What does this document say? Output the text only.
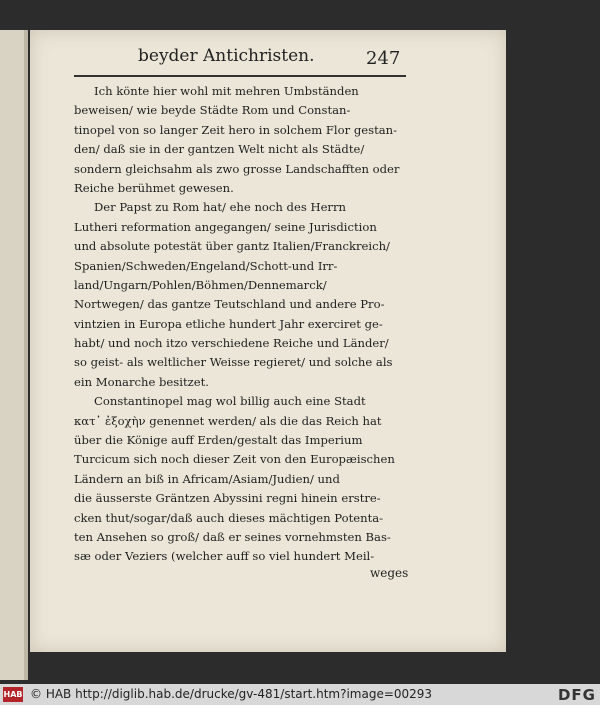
beyder Antichristen.	247
Ich könte hier wohl mit mehren Umbständen
beweisen/ wie beyde Städte Rom und Constan-
tinopel von so langer Zeit hero in solchem Flor gestan-
den/ daß sie in der gantzen Welt nicht als Städte/
sondern gleichsahm als zwo grosse Landschafften oder
Reiche berühmet gewesen.
Der Papst zu Rom hat/ ehe noch des Herrn
Lutheri reformation angegangen/ seine Jurisdiction
und absolute potestät über gantz Italien/Franckreich/
Spanien/Schweden/Engeland/Schott-und Irr-
land/Ungarn/Pohlen/Böhmen/Dennemarck/
Nortwegen/ das gantze Teutschland und andere Pro-
vintzien in Europa etliche hundert Jahr exerciret ge-
habt/ und noch itzo verschiedene Reiche und Länder/
so geist- als weltlicher Weisse regieret/ und solche als
ein Monarche besitzet.
Constantinopel mag wol billig auch eine Stadt
κατ᾽ ἐξοχὴν genennet werden/ als die das Reich hat
über die Könige auff Erden/gestalt das Imperium
Turcicum sich noch dieser Zeit von den Europæischen
Ländern an biß in Africam/Asiam/Judien/ und
die äusserste Gräntzen Abyssini regni hinein erstre-
cken thut/sogar/daß auch dieses mächtigen Potenta-
ten Ansehen so groß/ daß er seines vornehmsten Bas-
sæ oder Veziers (welcher auff so viel hundert Meil-
weges
HAB © HAB http://diglib.hab.de/drucke/gv-481/start.htm?image=00293	DFG
